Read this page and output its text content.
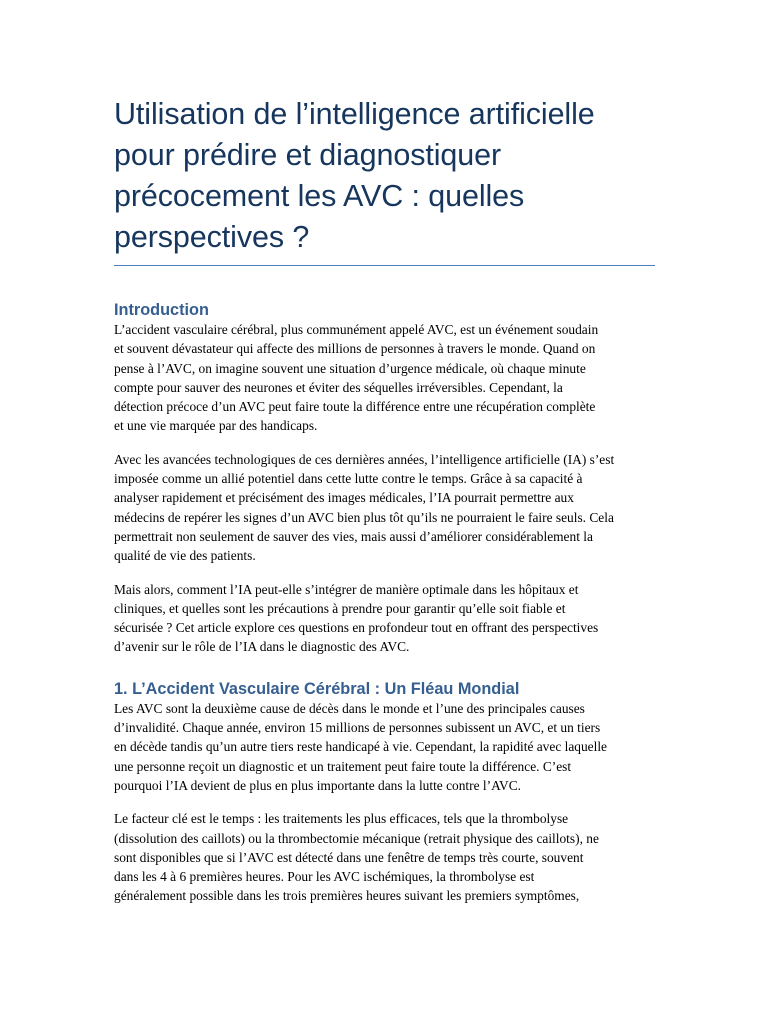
Utilisation de l’intelligence artificielle
pour prédire et diagnostiquer
précocement les AVC : quelles
perspectives ?
Introduction

L’accident vasculaire cérébral, plus communément appelé AVC, est un événement soudain
et souvent dévastateur qui affecte des millions de personnes à travers le monde. Quand on
pense à l’AVC, on imagine souvent une situation d’urgence médicale, où chaque minute
compte pour sauver des neurones et éviter des séquelles irréversibles. Cependant, la
détection précoce d’un AVC peut faire toute la différence entre une récupération complète
et une vie marquée par des handicaps.

Avec les avancées technologiques de ces dernières années, l’intelligence artificielle (IA) s’est
imposée comme un allié potentiel dans cette lutte contre le temps. Grâce à sa capacité à
analyser rapidement et précisément des images médicales, l’IA pourrait permettre aux
médecins de repérer les signes d’un AVC bien plus tôt qu’ils ne pourraient le faire seuls. Cela
permettrait non seulement de sauver des vies, mais aussi d’améliorer considérablement la
qualité de vie des patients.

Mais alors, comment l’IA peut-elle s’intégrer de manière optimale dans les hôpitaux et
cliniques, et quelles sont les précautions à prendre pour garantir qu’elle soit fiable et
sécurisée ? Cet article explore ces questions en profondeur tout en offrant des perspectives
d’avenir sur le rôle de l’IA dans le diagnostic des AVC.

1. L’Accident Vasculaire Cérébral : Un Fléau Mondial

Les AVC sont la deuxième cause de décès dans le monde et l’une des principales causes
d’invalidité. Chaque année, environ 15 millions de personnes subissent un AVC, et un tiers
en décède tandis qu’un autre tiers reste handicapé à vie. Cependant, la rapidité avec laquelle
une personne reçoit un diagnostic et un traitement peut faire toute la différence. C’est
pourquoi l’IA devient de plus en plus importante dans la lutte contre l’AVC.

Le facteur clé est le temps : les traitements les plus efficaces, tels que la thrombolyse
(dissolution des caillots) ou la thrombectomie mécanique (retrait physique des caillots), ne
sont disponibles que si l’AVC est détecté dans une fenêtre de temps très courte, souvent
dans les 4 à 6 premières heures. Pour les AVC ischémiques, la thrombolyse est
généralement possible dans les trois premières heures suivant les premiers symptômes,
